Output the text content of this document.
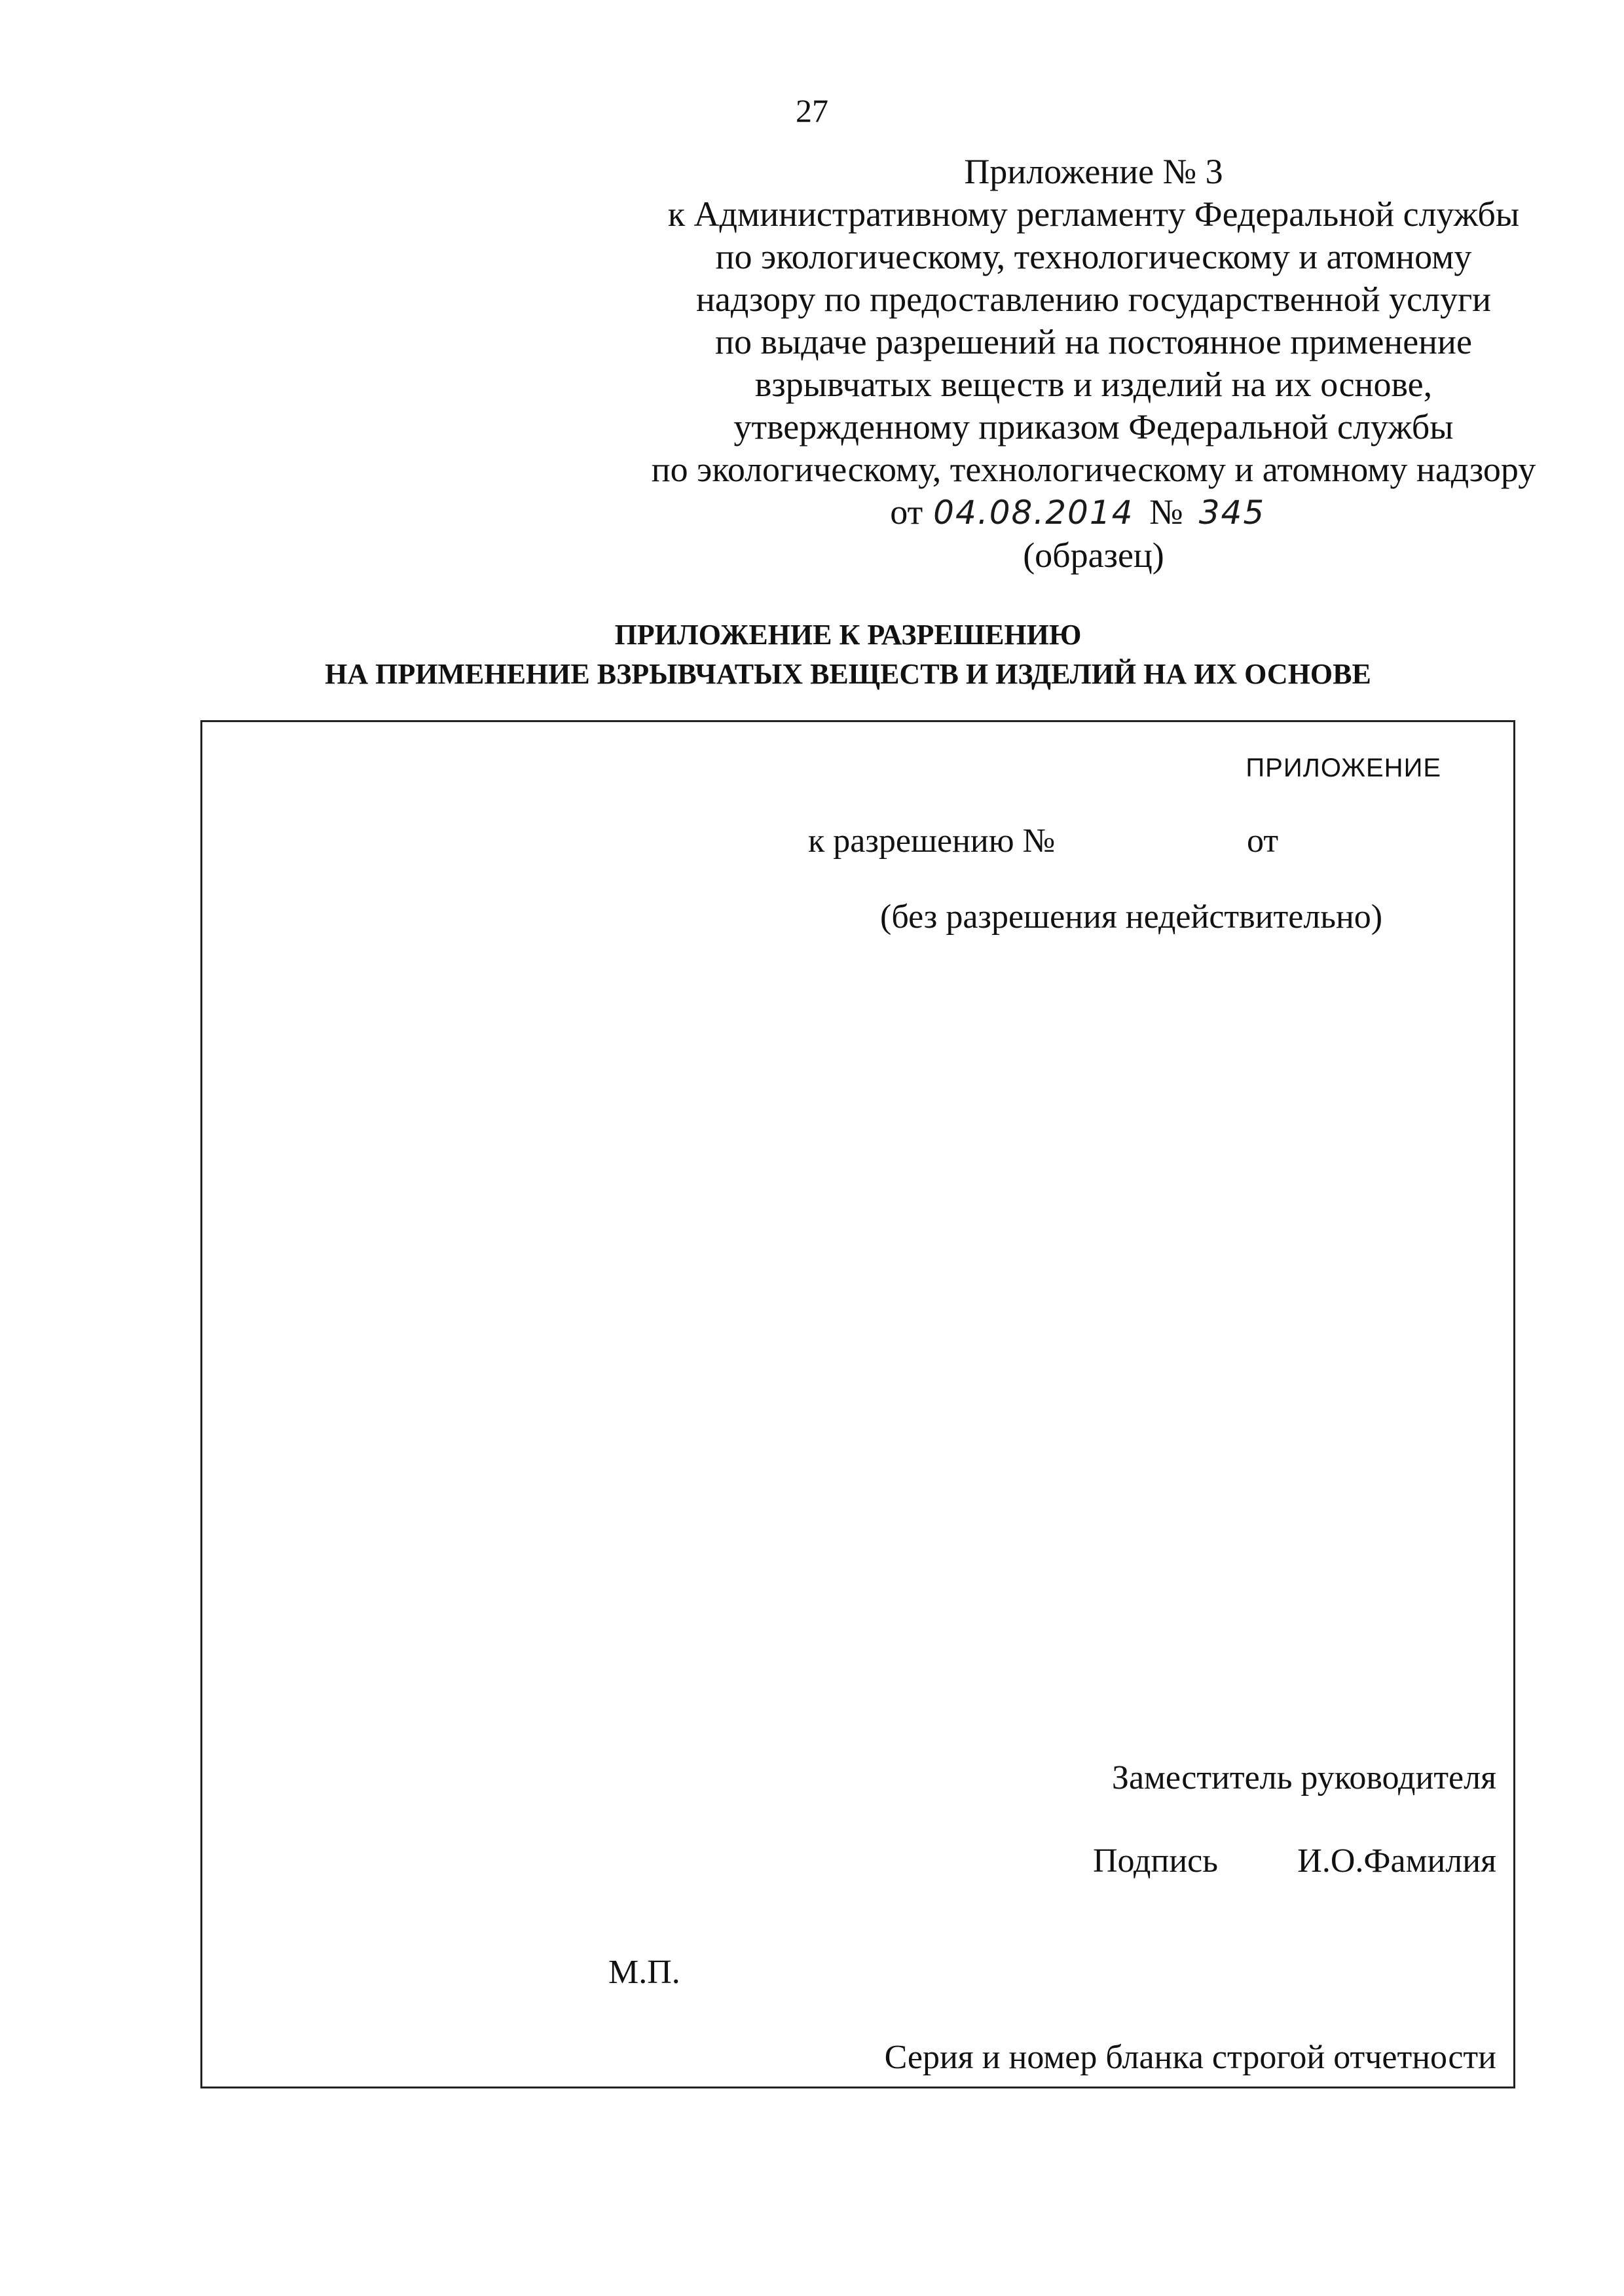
27
Приложение № 3
к Административному регламенту Федеральной службы
по экологическому, технологическому и атомному
надзору по предоставлению государственной услуги
по выдаче разрешений на постоянное применение
взрывчатых веществ и изделий на их основе,
утвержденному приказом Федеральной службы
по экологическому, технологическому и атомному надзору
от 04.08.2014 № 345
(образец)
ПРИЛОЖЕНИЕ К РАЗРЕШЕНИЮ
НА ПРИМЕНЕНИЕ ВЗРЫВЧАТЫХ ВЕЩЕСТВ И ИЗДЕЛИЙ НА ИХ ОСНОВЕ
ПРИЛОЖЕНИЕ
к разрешению №	от
(без разрешения недействительно)
Заместитель руководителя
Подпись И.О.Фамилия
М.П.
Серия и номер бланка строгой отчетности
